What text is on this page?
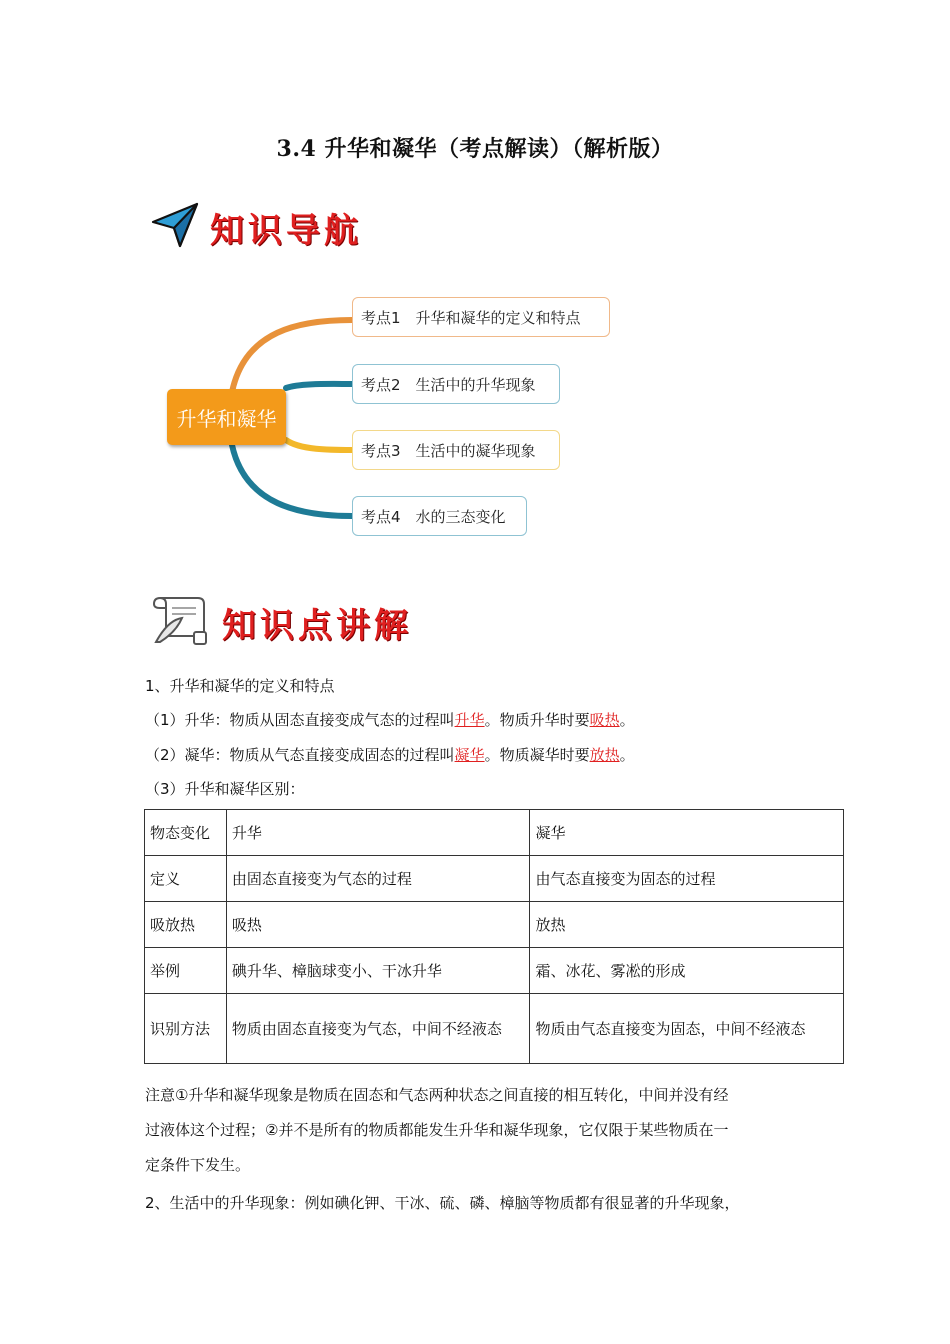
3.4 升华和凝华（考点解读）（解析版）
知识导航
升华和凝华
考点1 升华和凝华的定义和特点
考点2 生活中的升华现象
考点3 生活中的凝华现象
考点4 水的三态变化
知识点讲解
1、升华和凝华的定义和特点
（1）升华：物质从固态直接变成气态的过程叫升华。物质升华时要吸热。
（2）凝华：物质从气态直接变成固态的过程叫凝华。物质凝华时要放热。
（3）升华和凝华区别：
物态变化	升华	凝华
定义	由固态直接变为气态的过程	由气态直接变为固态的过程
吸放热	吸热	放热
举例	碘升华、樟脑球变小、干冰升华	霜、冰花、雾凇的形成
识别方法	物质由固态直接变为气态，中间不经液态	物质由气态直接变为固态，中间不经液态
注意①升华和凝华现象是物质在固态和气态两种状态之间直接的相互转化，中间并没有经
过液体这个过程；②并不是所有的物质都能发生升华和凝华现象，它仅限于某些物质在一
定条件下发生。
2、生活中的升华现象：例如碘化钾、干冰、硫、磷、樟脑等物质都有很显著的升华现象，
